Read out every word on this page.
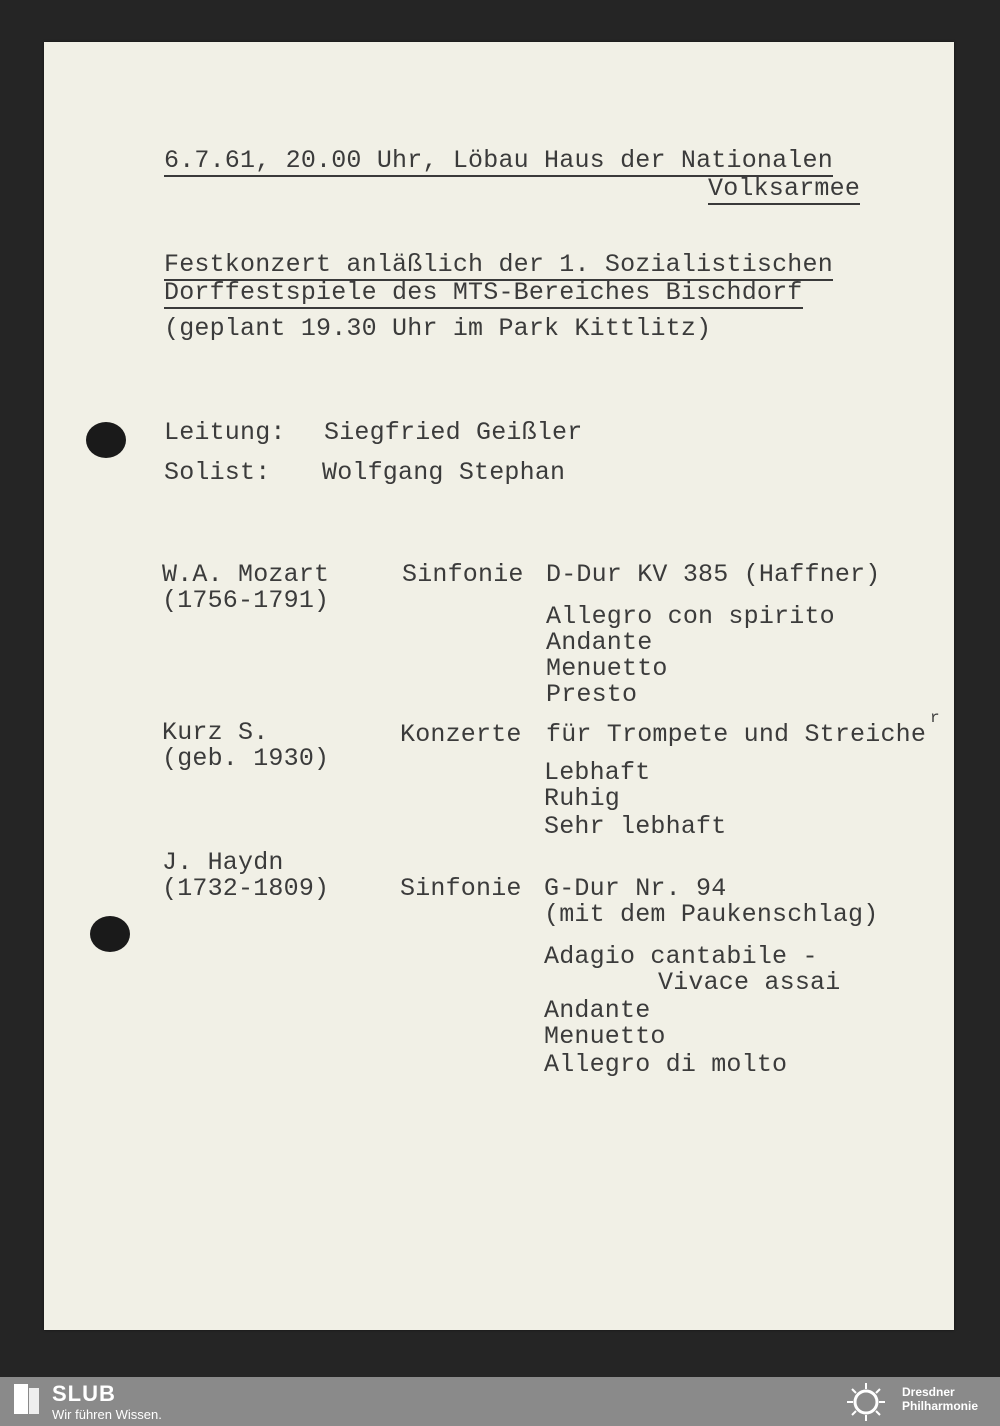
6.7.61, 20.00 Uhr, Löbau Haus der Nationalen
Volksarmee
Festkonzert anläßlich der 1. Sozialistischen
Dorffestspiele des MTS-Bereiches Bischdorf
(geplant 19.30 Uhr im Park Kittlitz)
Leitung: Siegfried Geißler
Solist: Wolfgang Stephan
W.A. Mozart
(1756-1791)
Sinfonie D-Dur KV 385 (Haffner)
Allegro con spirito
Andante
Menuetto
Presto
Kurz S.
(geb. 1930)
Konzerte für Trompete und Streiche
r
Lebhaft
Ruhig
Sehr lebhaft
J. Haydn
(1732-1809)	Sinfonie G-Dur Nr. 94
(mit dem Paukenschlag)
Adagio cantabile -
Vivace assai
Andante
Menuetto
Allegro di molto
SLUB
Wir führen Wissen.
Dresdner
Philharmonie
